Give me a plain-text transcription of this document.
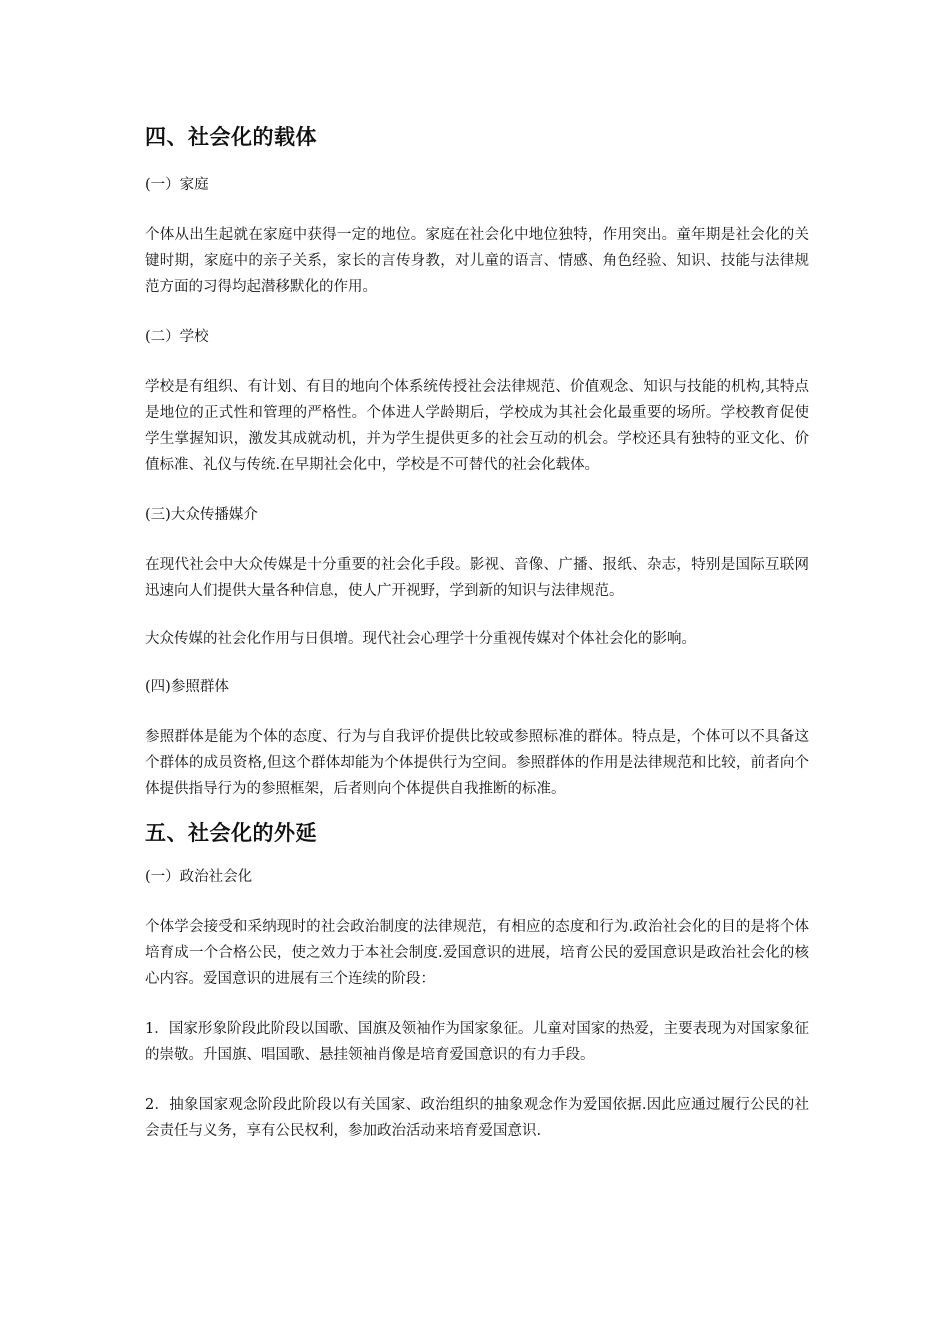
四、社会化的载体

(一）家庭

个体从出生起就在家庭中获得一定的地位。家庭在社会化中地位独特，作用突出。童年期是社会化的关键时期，家庭中的亲子关系，家长的言传身教，对儿童的语言、情感、角色经验、知识、技能与法律规范方面的习得均起潜移默化的作用。

(二）学校

学校是有组织、有计划、有目的地向个体系统传授社会法律规范、价值观念、知识与技能的机构,其特点是地位的正式性和管理的严格性。个体进人学龄期后，学校成为其社会化最重要的场所。学校教育促使学生掌握知识，激发其成就动机，并为学生提供更多的社会互动的机会。学校还具有独特的亚文化、价值标准、礼仪与传统.在早期社会化中，学校是不可替代的社会化载体。

(三)大众传播媒介

在现代社会中大众传媒是十分重要的社会化手段。影视、音像、广播、报纸、杂志，特别是国际互联网迅速向人们提供大量各种信息，使人广开视野，学到新的知识与法律规范。

大众传媒的社会化作用与日俱增。现代社会心理学十分重视传媒对个体社会化的影响。

(四)参照群体

参照群体是能为个体的态度、行为与自我评价提供比较或参照标准的群体。特点是，个体可以不具备这个群体的成员资格,但这个群体却能为个体提供行为空间。参照群体的作用是法律规范和比较，前者向个体提供指导行为的参照框架，后者则向个体提供自我推断的标准。

五、社会化的外延

(一）政治社会化

个体学会接受和采纳现时的社会政治制度的法律规范，有相应的态度和行为.政治社会化的目的是将个体培育成一个合格公民，使之效力于本社会制度.爱国意识的进展，培育公民的爱国意识是政治社会化的核心内容。爱国意识的进展有三个连续的阶段：

1．国家形象阶段此阶段以国歌、国旗及领袖作为国家象征。儿童对国家的热爱，主要表现为对国家象征的崇敬。升国旗、唱国歌、悬挂领袖肖像是培育爱国意识的有力手段。

2．抽象国家观念阶段此阶段以有关国家、政治组织的抽象观念作为爱国依据.因此应通过履行公民的社会责任与义务，享有公民权利，参加政治活动来培育爱国意识.
